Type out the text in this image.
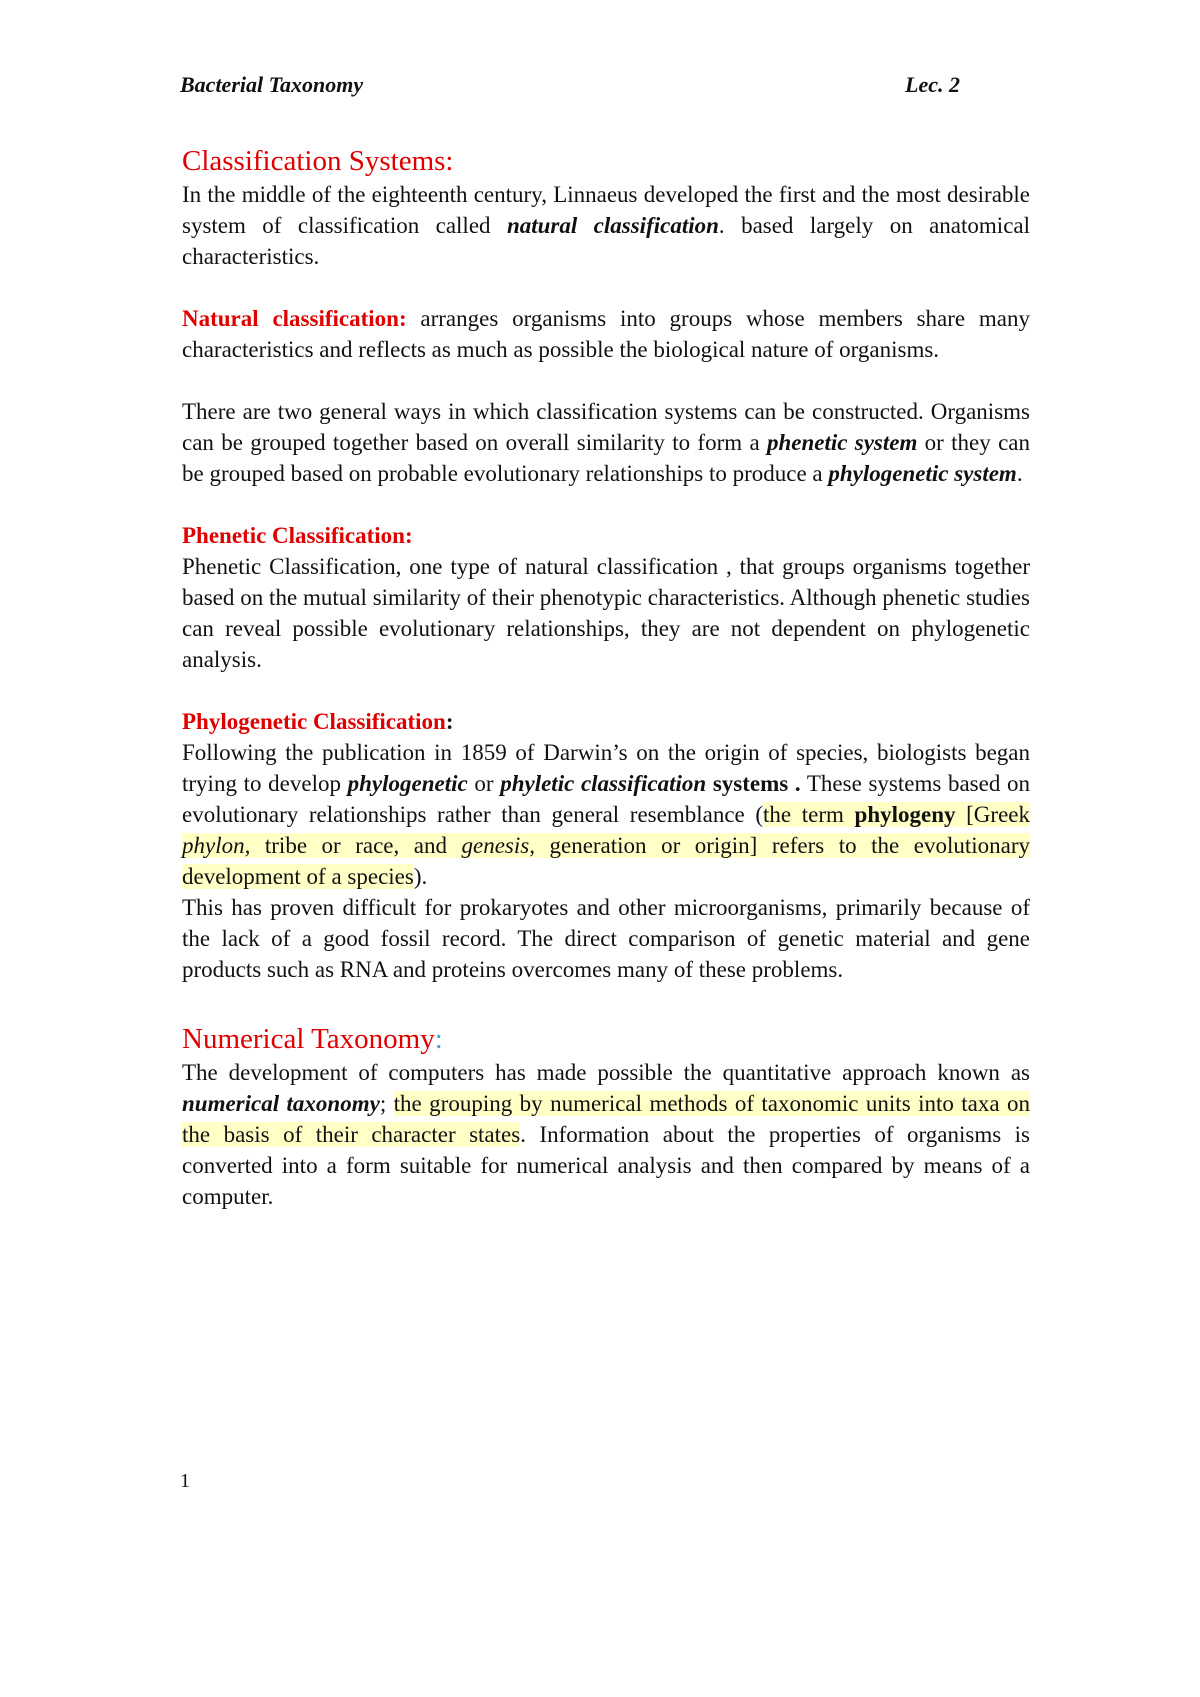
Bacterial Taxonomy	Lec. 2

Classification Systems:

In the middle of the eighteenth century, Linnaeus developed the first and the most desirable system of classification called natural classification. based largely on anatomical characteristics.

Natural classification: arranges organisms into groups whose members share many characteristics and reflects as much as possible the biological nature of organisms.

There are two general ways in which classification systems can be constructed. Organisms can be grouped together based on overall similarity to form a phenetic system or they can be grouped based on probable evolutionary relationships to produce a phylogenetic system.

Phenetic Classification:

Phenetic Classification, one type of natural classification , that groups organisms together based on the mutual similarity of their phenotypic characteristics. Although phenetic studies can reveal possible evolutionary relationships, they are not dependent on phylogenetic analysis.

Phylogenetic Classification:

Following the publication in 1859 of Darwin’s on the origin of species, biologists began trying to develop phylogenetic or phyletic classification systems . These systems based on evolutionary relationships rather than general resemblance (the term phylogeny [Greek phylon, tribe or race, and genesis, generation or origin] refers to the evolutionary development of a species).

This has proven difficult for prokaryotes and other microorganisms, primarily because of the lack of a good fossil record. The direct comparison of genetic material and gene products such as RNA and proteins overcomes many of these problems.

Numerical Taxonomy:

The development of computers has made possible the quantitative approach known as numerical taxonomy; the grouping by numerical methods of taxonomic units into taxa on the basis of their character states. Information about the properties of organisms is converted into a form suitable for numerical analysis and then compared by means of a computer.

1
